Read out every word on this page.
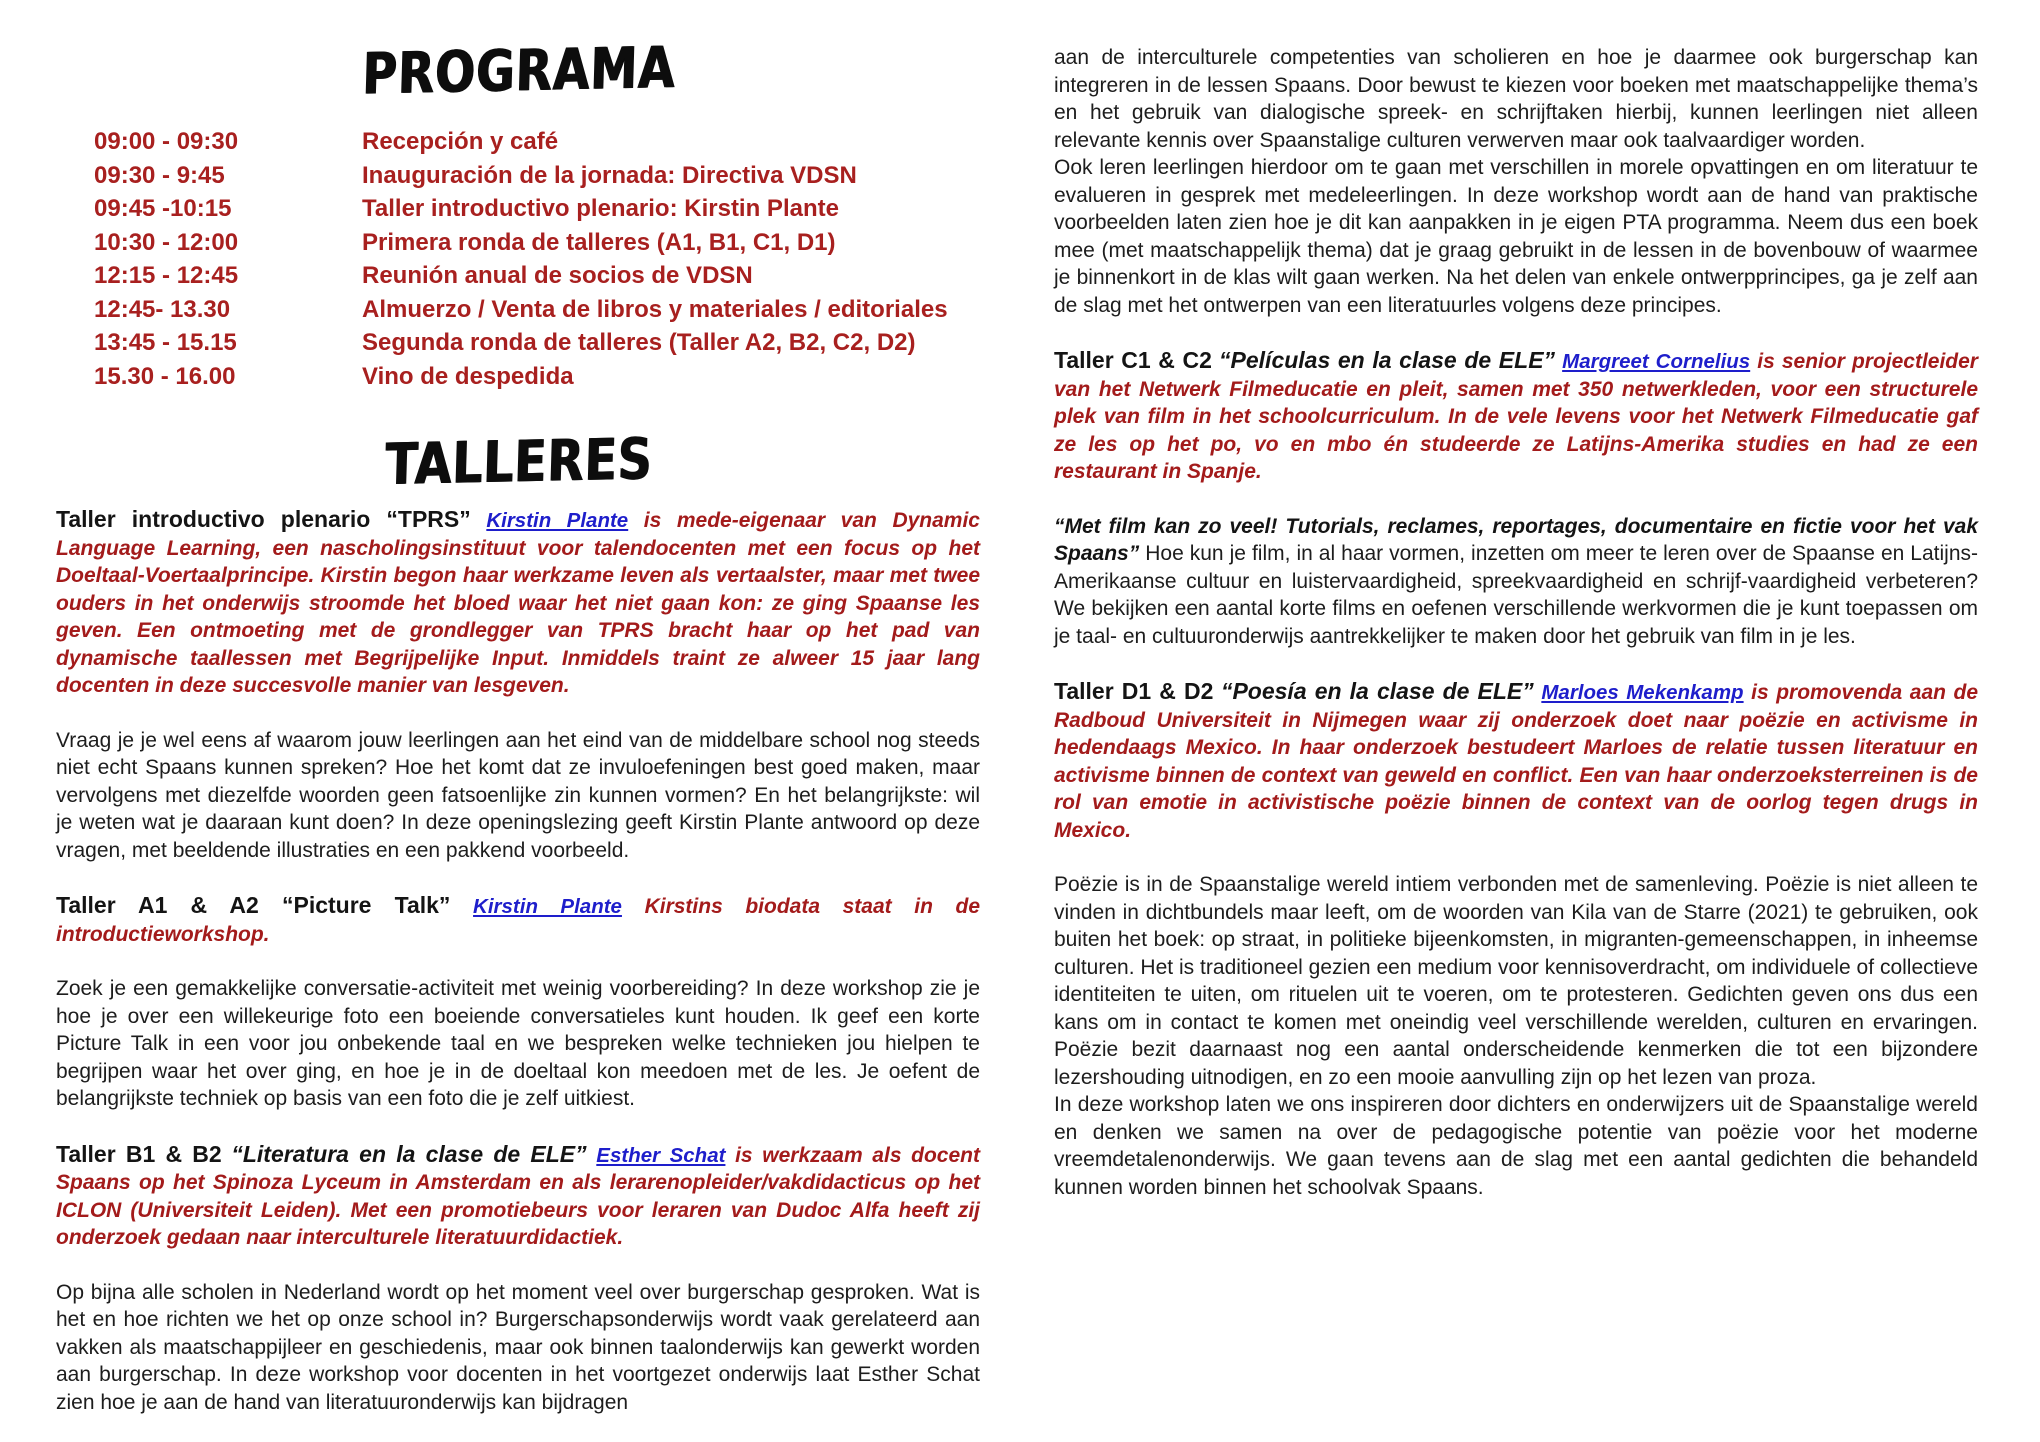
PROGRAMA
09:00 - 09:30	Recepción y café
09:30 - 9:45	Inauguración de la jornada: Directiva VDSN
09:45 -10:15	Taller introductivo plenario: Kirstin Plante
10:30 - 12:00	Primera ronda de talleres (A1, B1, C1, D1)
12:15 - 12:45	Reunión anual de socios de VDSN
12:45- 13.30	Almuerzo / Venta de libros y materiales / editoriales
13:45 - 15.15	Segunda ronda de talleres (Taller A2, B2, C2, D2)
15.30 - 16.00	Vino de despedida
TALLERES

Taller introductivo plenario “TPRS” Kirstin Plante is mede-eigenaar van Dynamic Language Learning, een nascholingsinstituut voor talendocenten met een focus op het Doeltaal-Voertaalprincipe. Kirstin begon haar werkzame leven als vertaalster, maar met twee ouders in het onderwijs stroomde het bloed waar het niet gaan kon: ze ging Spaanse les geven. Een ontmoeting met de grondlegger van TPRS bracht haar op het pad van dynamische taallessen met Begrijpelijke Input. Inmiddels traint ze alweer 15 jaar lang docenten in deze succesvolle manier van lesgeven.

Vraag je je wel eens af waarom jouw leerlingen aan het eind van de middelbare school nog steeds niet echt Spaans kunnen spreken? Hoe het komt dat ze invuloefeningen best goed maken, maar vervolgens met diezelfde woorden geen fatsoenlijke zin kunnen vormen? En het belangrijkste: wil je weten wat je daaraan kunt doen? In deze openingslezing geeft Kirstin Plante antwoord op deze vragen, met beeldende illustraties en een pakkend voorbeeld.

Taller A1 & A2 “Picture Talk” Kirstin Plante Kirstins biodata staat in de introductieworkshop.

Zoek je een gemakkelijke conversatie-activiteit met weinig voorbereiding? In deze workshop zie je hoe je over een willekeurige foto een boeiende conversatieles kunt houden. Ik geef een korte Picture Talk in een voor jou onbekende taal en we bespreken welke technieken jou hielpen te begrijpen waar het over ging, en hoe je in de doeltaal kon meedoen met de les. Je oefent de belangrijkste techniek op basis van een foto die je zelf uitkiest.

Taller B1 & B2 “Literatura en la clase de ELE” Esther Schat is werkzaam als docent Spaans op het Spinoza Lyceum in Amsterdam en als lerarenopleider/vakdidacticus op het ICLON (Universiteit Leiden). Met een promotiebeurs voor leraren van Dudoc Alfa heeft zij onderzoek gedaan naar interculturele literatuurdidactiek.

Op bijna alle scholen in Nederland wordt op het moment veel over burgerschap gesproken. Wat is het en hoe richten we het op onze school in? Burgerschapsonderwijs wordt vaak gerelateerd aan vakken als maatschappijleer en geschiedenis, maar ook binnen taalonderwijs kan gewerkt worden aan burgerschap. In deze workshop voor docenten in het voortgezet onderwijs laat Esther Schat zien hoe je aan de hand van literatuuronderwijs kan bijdragen

aan de interculturele competenties van scholieren en hoe je daarmee ook burgerschap kan integreren in de lessen Spaans. Door bewust te kiezen voor boeken met maatschappelijke thema’s en het gebruik van dialogische spreek- en schrijftaken hierbij, kunnen leerlingen niet alleen relevante kennis over Spaanstalige culturen verwerven maar ook taalvaardiger worden.

Ook leren leerlingen hierdoor om te gaan met verschillen in morele opvattingen en om literatuur te evalueren in gesprek met medeleerlingen. In deze workshop wordt aan de hand van praktische voorbeelden laten zien hoe je dit kan aanpakken in je eigen PTA programma. Neem dus een boek mee (met maatschappelijk thema) dat je graag gebruikt in de lessen in de bovenbouw of waarmee je binnenkort in de klas wilt gaan werken. Na het delen van enkele ontwerpprincipes, ga je zelf aan de slag met het ontwerpen van een literatuurles volgens deze principes.

Taller C1 & C2 “Películas en la clase de ELE” Margreet Cornelius is senior projectleider van het Netwerk Filmeducatie en pleit, samen met 350 netwerkleden, voor een structurele plek van film in het schoolcurriculum. In de vele levens voor het Netwerk Filmeducatie gaf ze les op het po, vo en mbo én studeerde ze Latijns-Amerika studies en had ze een restaurant in Spanje.

“Met film kan zo veel! Tutorials, reclames, reportages, documentaire en fictie voor het vak Spaans” Hoe kun je film, in al haar vormen, inzetten om meer te leren over de Spaanse en Latijns-Amerikaanse cultuur en luistervaardigheid, spreekvaardigheid en schrijf-vaardigheid verbeteren? We bekijken een aantal korte films en oefenen verschillende werkvormen die je kunt toepassen om je taal- en cultuuronderwijs aantrekkelijker te maken door het gebruik van film in je les.

Taller D1 & D2 “Poesía en la clase de ELE” Marloes Mekenkamp is promovenda aan de Radboud Universiteit in Nijmegen waar zij onderzoek doet naar poëzie en activisme in hedendaags Mexico. In haar onderzoek bestudeert Marloes de relatie tussen literatuur en activisme binnen de context van geweld en conflict. Een van haar onderzoeksterreinen is de rol van emotie in activistische poëzie binnen de context van de oorlog tegen drugs in Mexico.

Poëzie is in de Spaanstalige wereld intiem verbonden met de samenleving. Poëzie is niet alleen te vinden in dichtbundels maar leeft, om de woorden van Kila van de Starre (2021) te gebruiken, ook buiten het boek: op straat, in politieke bijeenkomsten, in migranten-gemeenschappen, in inheemse culturen. Het is traditioneel gezien een medium voor kennisoverdracht, om individuele of collectieve identiteiten te uiten, om rituelen uit te voeren, om te protesteren. Gedichten geven ons dus een kans om in contact te komen met oneindig veel verschillende werelden, culturen en ervaringen. Poëzie bezit daarnaast nog een aantal onderscheidende kenmerken die tot een bijzondere lezershouding uitnodigen, en zo een mooie aanvulling zijn op het lezen van proza.

In deze workshop laten we ons inspireren door dichters en onderwijzers uit de Spaanstalige wereld en denken we samen na over de pedagogische potentie van poëzie voor het moderne vreemdetalenonderwijs. We gaan tevens aan de slag met een aantal gedichten die behandeld kunnen worden binnen het schoolvak Spaans.
